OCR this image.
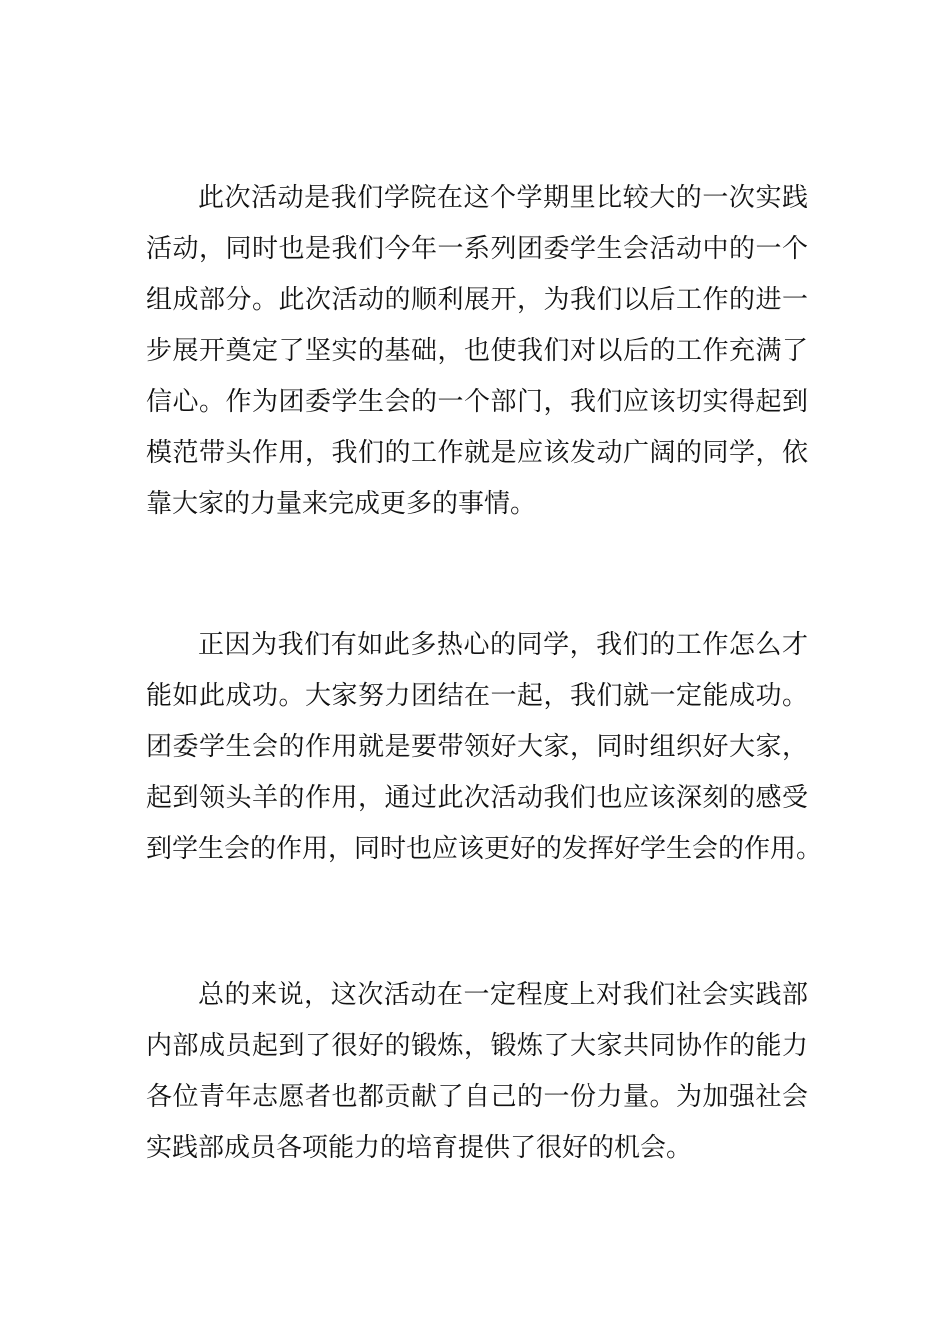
此次活动是我们学院在这个学期里比较大的一次实践
活动，同时也是我们今年一系列团委学生会活动中的一个
组成部分。此次活动的顺利展开，为我们以后工作的进一
步展开奠定了坚实的基础，也使我们对以后的工作充满了
信心。作为团委学生会的一个部门，我们应该切实得起到
模范带头作用，我们的工作就是应该发动广阔的同学，依
靠大家的力量来完成更多的事情。
正因为我们有如此多热心的同学，我们的工作怎么才
能如此成功。大家努力团结在一起，我们就一定能成功。
团委学生会的作用就是要带领好大家，同时组织好大家，
起到领头羊的作用，通过此次活动我们也应该深刻的感受
到学生会的作用，同时也应该更好的发挥好学生会的作用。
总的来说，这次活动在一定程度上对我们社会实践部
内部成员起到了很好的锻炼，锻炼了大家共同协作的能力
各位青年志愿者也都贡献了自己的一份力量。为加强社会
实践部成员各项能力的培育提供了很好的机会。
